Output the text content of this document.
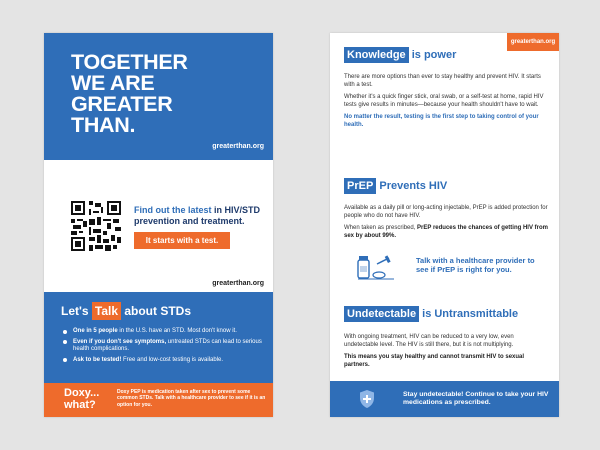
TOGETHER
WE ARE
GREATER
THAN.
greaterthan.org
Find out the latest in HIV/STD
prevention and treatment.
It starts with a test.
greaterthan.org
Let's Talk about STDs
One in 5 people in the U.S. have an STD. Most don't know it.
Even if you don't see symptoms, untreated STDs can lead to serious health complications.
Ask to be tested! Free and low-cost testing is available.
Doxy...
what?
Doxy PEP is medication taken after sex to prevent some common STDs. Talk with a healthcare provider to see if it is an option for you.
greaterthan.org
Knowledge is power

There are more options than ever to stay healthy and prevent HIV. It starts with a test.

Whether it's a quick finger stick, oral swab, or a self-test at home, rapid HIV tests give results in minutes—because your health shouldn't have to wait.

No matter the result, testing is the first step to taking control of your health.

PrEP Prevents HIV

Available as a daily pill or long-acting injectable, PrEP is added protection for people who do not have HIV.

When taken as prescribed, PrEP reduces the chances of getting HIV from sex by about 99%.

Talk with a healthcare provider to see if PrEP is right for you.
Undetectable is Untransmittable

With ongoing treatment, HIV can be reduced to a very low, even undetectable level. The HIV is still there, but it is not multiplying.

This means you stay healthy and cannot transmit HIV to sexual partners.

Stay undetectable! Continue to take your HIV medications as prescribed.
